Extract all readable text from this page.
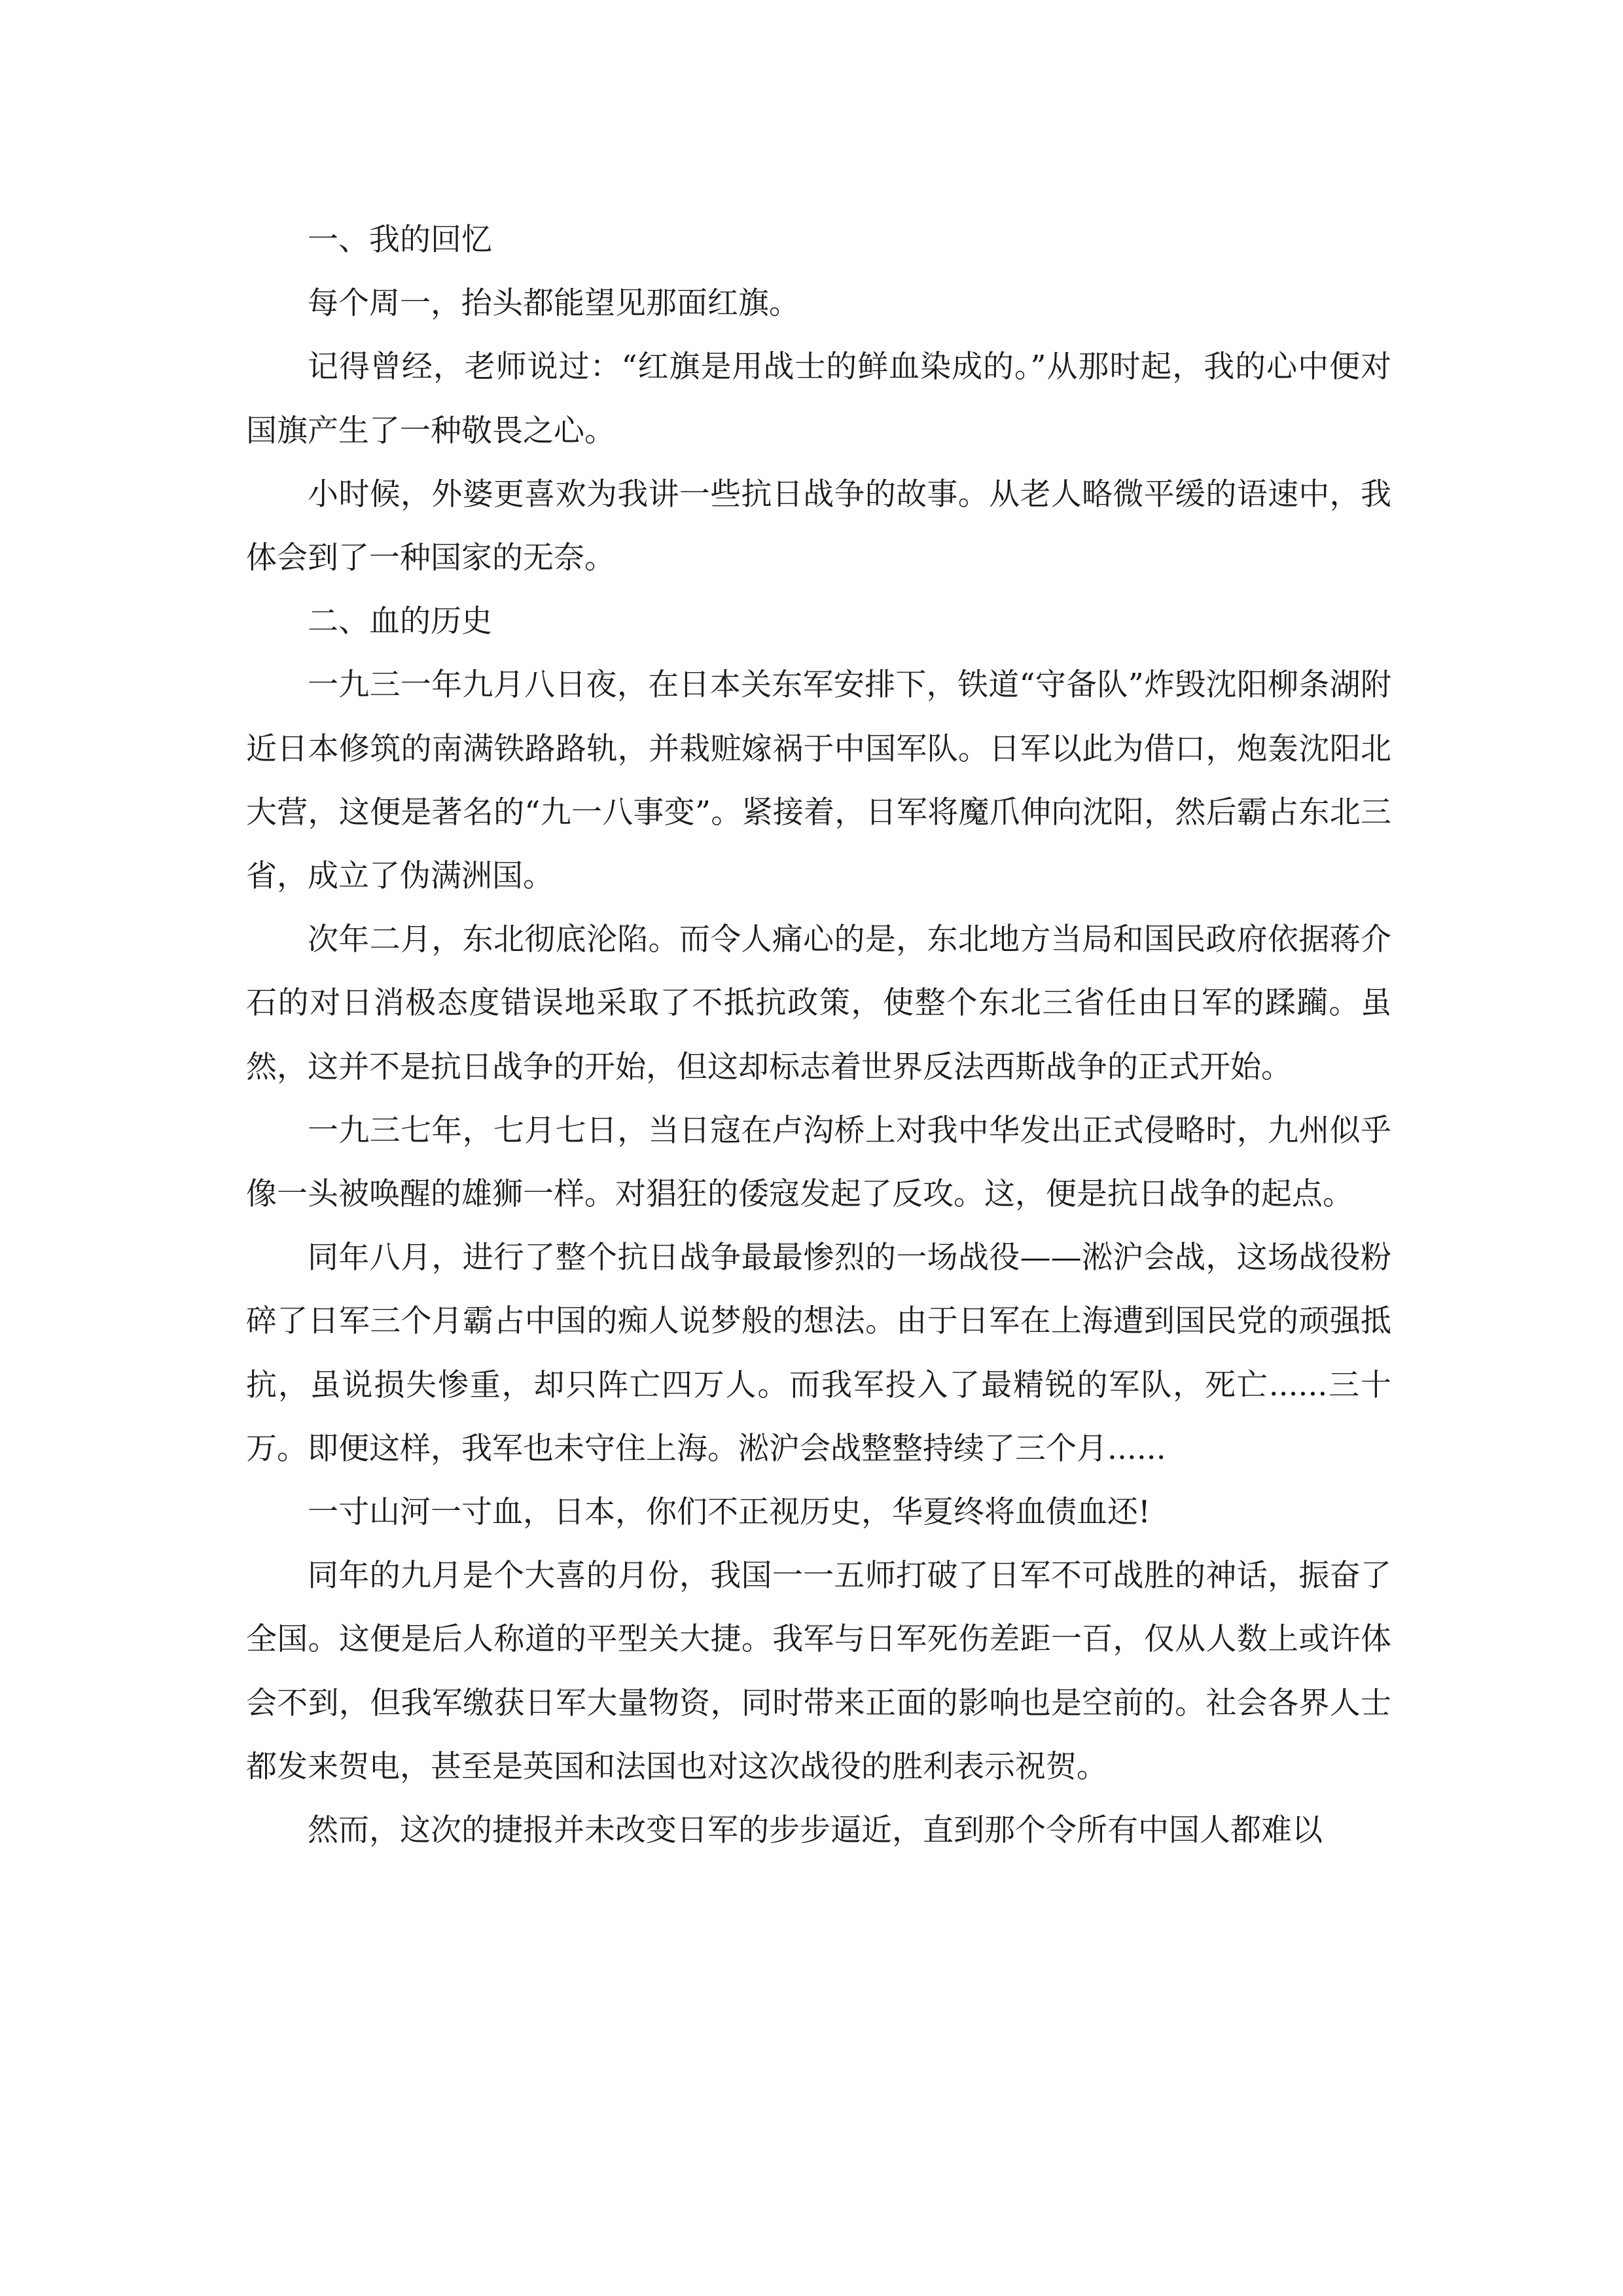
一、我的回忆

每个周一，抬头都能望见那面红旗。

记得曾经，老师说过：“红旗是用战士的鲜血染成的。”从那时起，我的心中便对国旗产生了一种敬畏之心。

小时候，外婆更喜欢为我讲一些抗日战争的故事。从老人略微平缓的语速中，我体会到了一种国家的无奈。

二、血的历史

一九三一年九月八日夜，在日本关东军安排下，铁道“守备队”炸毁沈阳柳条湖附近日本修筑的南满铁路路轨，并栽赃嫁祸于中国军队。日军以此为借口，炮轰沈阳北大营，这便是著名的“九一八事变”。紧接着，日军将魔爪伸向沈阳，然后霸占东北三省，成立了伪满洲国。

次年二月，东北彻底沦陷。而令人痛心的是，东北地方当局和国民政府依据蒋介石的对日消极态度错误地采取了不抵抗政策，使整个东北三省任由日军的蹂躏。虽然，这并不是抗日战争的开始，但这却标志着世界反法西斯战争的正式开始。

一九三七年，七月七日，当日寇在卢沟桥上对我中华发出正式侵略时，九州似乎像一头被唤醒的雄狮一样。对猖狂的倭寇发起了反攻。这，便是抗日战争的起点。

同年八月，进行了整个抗日战争最最惨烈的一场战役——淞沪会战，这场战役粉碎了日军三个月霸占中国的痴人说梦般的想法。由于日军在上海遭到国民党的顽强抵抗，虽说损失惨重，却只阵亡四万人。而我军投入了最精锐的军队，死亡......三十万。即便这样，我军也未守住上海。淞沪会战整整持续了三个月......

一寸山河一寸血，日本，你们不正视历史，华夏终将血债血还!

同年的九月是个大喜的月份，我国一一五师打破了日军不可战胜的神话，振奋了全国。这便是后人称道的平型关大捷。我军与日军死伤差距一百，仅从人数上或许体会不到，但我军缴获日军大量物资，同时带来正面的影响也是空前的。社会各界人士都发来贺电，甚至是英国和法国也对这次战役的胜利表示祝贺。

然而，这次的捷报并未改变日军的步步逼近，直到那个令所有中国人都难以
